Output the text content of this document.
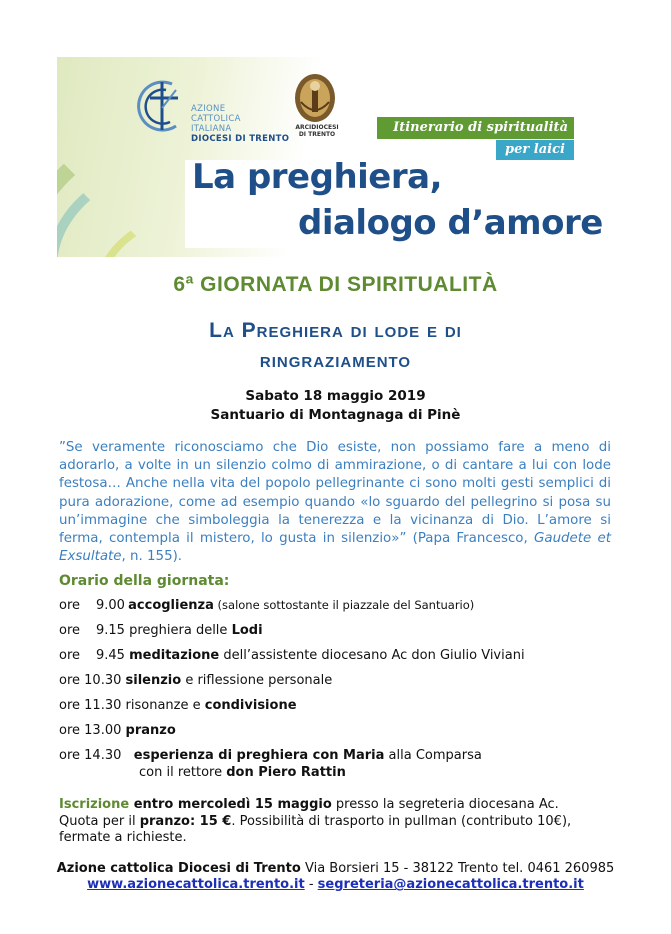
AZIONE
CATTOLICA
ITALIANA
DIOCESI DI TRENTO
ARCIDIOCESI
DI TRENTO	Itinerario di spiritualità
per laici
La preghiera,
dialogo d’amore
6ª GIORNATA DI SPIRITUALITÀ
La Preghiera di lode e di
ringraziamento
Sabato 18 maggio 2019
Santuario di Montagnaga di Pinè
”Se veramente riconosciamo che Dio esiste, non possiamo fare a meno di adorarlo, a volte in un silenzio colmo di ammirazione, o di cantare a lui con lode festosa… Anche nella vita del popolo pellegrinante ci sono molti gesti semplici di pura adorazione, come ad esempio quando «lo sguardo del pellegrino si posa su un’immagine che simboleggia la tenerezza e la vicinanza di Dio. L’amore si ferma, contempla il mistero, lo gusta in silenzio»” (Papa Francesco, Gaudete et Exsultate, n. 155).
Orario della giornata:
ore 9.00 accoglienza (salone sottostante il piazzale del Santuario)
ore 9.15 preghiera delle Lodi
ore 9.45 meditazione dell’assistente diocesano Ac don Giulio Viviani
ore 10.30 silenzio e riflessione personale
ore 11.30 risonanze e condivisione
ore 13.00 pranzo
ore 14.30 esperienza di preghiera con Maria alla Comparsa
con il rettore don Piero Rattin
Iscrizione entro mercoledì 15 maggio presso la segreteria diocesana Ac.
Quota per il pranzo: 15 €. Possibilità di trasporto in pullman (contributo 10€), fermate a richieste.
Azione cattolica Diocesi di Trento Via Borsieri 15 - 38122 Trento tel. 0461 260985
www.azionecattolica.trento.it - segreteria@azionecattolica.trento.it
